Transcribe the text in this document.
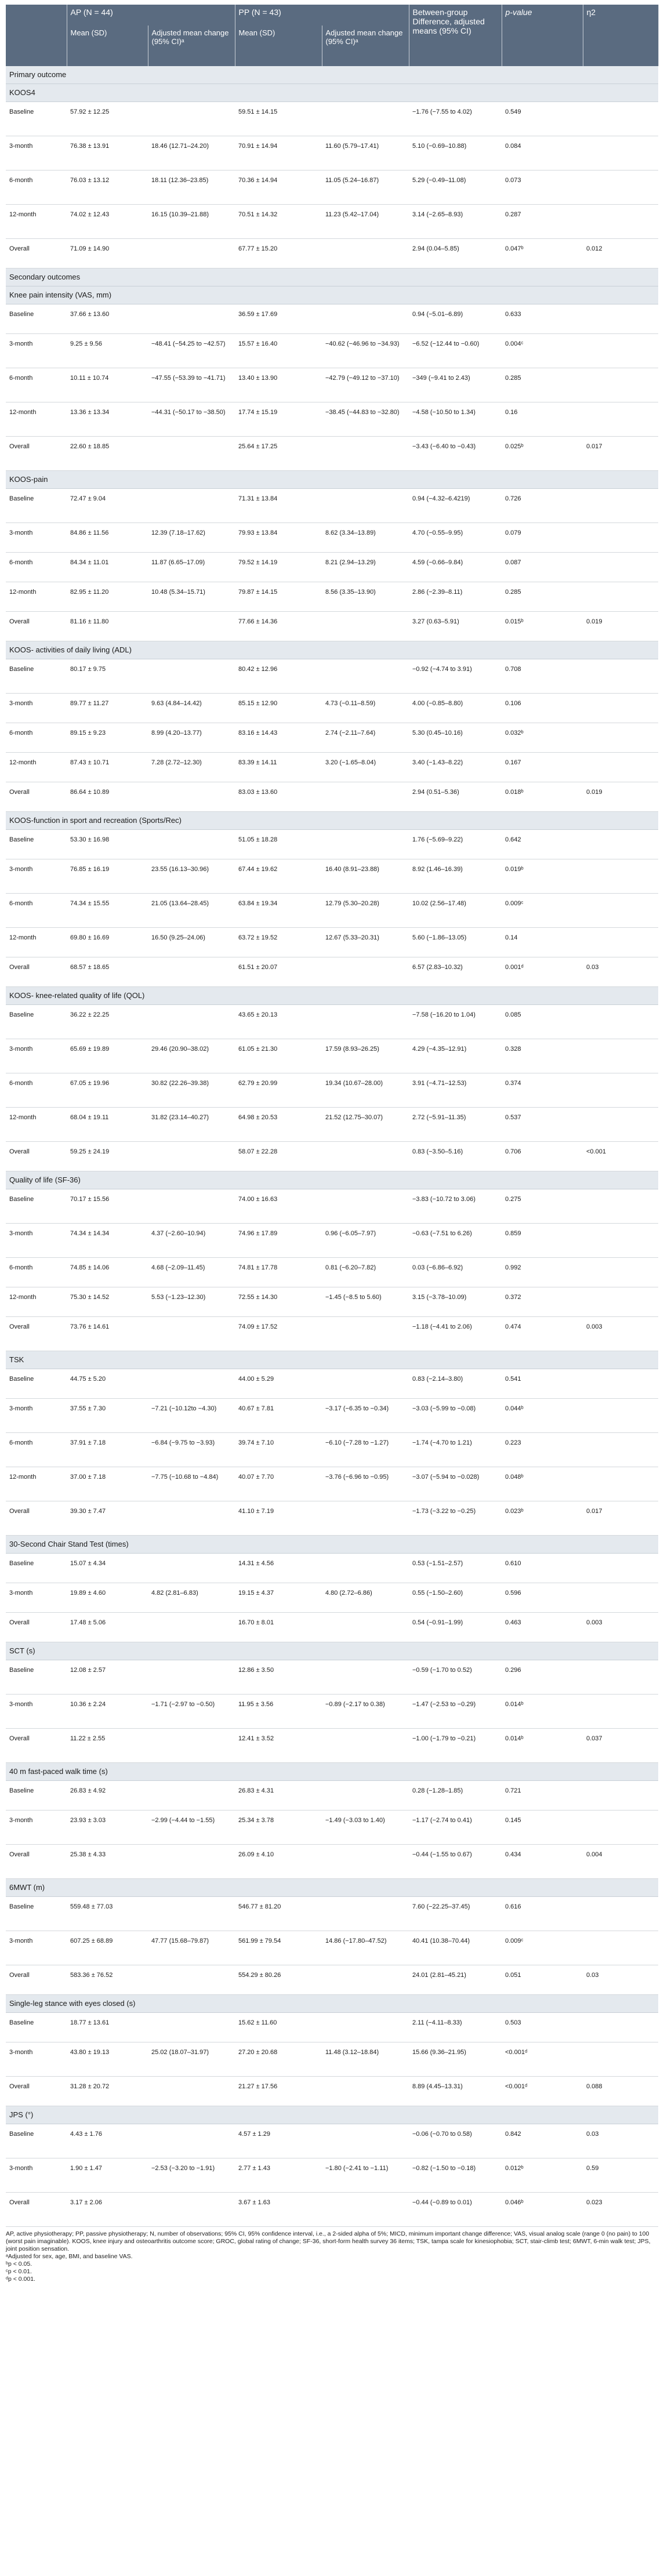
	AP (N = 44)		PP (N = 43)		Between-group Difference, adjusted means (95% CI)	p-value	η2
	Mean (SD)	Adjusted mean change (95% CI)ᵃ	Mean (SD)	Adjusted mean change (95% CI)ᵃ			
Primary outcome							
KOOS4							
Baseline	57.92 ± 12.25		59.51 ± 14.15		−1.76 (−7.55 to 4.02)	0.549	
3-month	76.38 ± 13.91	18.46 (12.71–24.20)	70.91 ± 14.94	11.60 (5.79–17.41)	5.10 (−0.69–10.88)	0.084	
6-month	76.03 ± 13.12	18.11 (12.36–23.85)	70.36 ± 14.94	11.05 (5.24–16.87)	5.29 (−0.49–11.08)	0.073	
12-month	74.02 ± 12.43	16.15 (10.39–21.88)	70.51 ± 14.32	11.23 (5.42–17.04)	3.14 (−2.65–8.93)	0.287	
Overall	71.09 ± 14.90		67.77 ± 15.20		2.94 (0.04–5.85)	0.047ᵇ	0.012
Secondary outcomes							
Knee pain intensity (VAS, mm)							
Baseline	37.66 ± 13.60		36.59 ± 17.69		0.94 (−5.01–6.89)	0.633	
3-month	9.25 ± 9.56	−48.41 (−54.25 to −42.57)	15.57 ± 16.40	−40.62 (−46.96 to −34.93)	−6.52 (−12.44 to −0.60)	0.004ᶜ	
6-month	10.11 ± 10.74	−47.55 (−53.39 to −41.71)	13.40 ± 13.90	−42.79 (−49.12 to −37.10)	−349 (−9.41 to 2.43)	0.285	
12-month	13.36 ± 13.34	−44.31 (−50.17 to −38.50)	17.74 ± 15.19	−38.45 (−44.83 to −32.80)	−4.58 (−10.50 to 1.34)	0.16	
Overall	22.60 ± 18.85		25.64 ± 17.25		−3.43 (−6.40 to −0.43)	0.025ᵇ	0.017
KOOS-pain							
Baseline	72.47 ± 9.04		71.31 ± 13.84		0.94 (−4.32–6.4219)	0.726	
3-month	84.86 ± 11.56	12.39 (7.18–17.62)	79.93 ± 13.84	8.62 (3.34–13.89)	4.70 (−0.55–9.95)	0.079	
6-month	84.34 ± 11.01	11.87 (6.65–17.09)	79.52 ± 14.19	8.21 (2.94–13.29)	4.59 (−0.66–9.84)	0.087	
12-month	82.95 ± 11.20	10.48 (5.34–15.71)	79.87 ± 14.15	8.56 (3.35–13.90)	2.86 (−2.39–8.11)	0.285	
Overall	81.16 ± 11.80		77.66 ± 14.36		3.27 (0.63–5.91)	0.015ᵇ	0.019
KOOS- activities of daily living (ADL)							
Baseline	80.17 ± 9.75		80.42 ± 12.96		−0.92 (−4.74 to 3.91)	0.708	
3-month	89.77 ± 11.27	9.63 (4.84–14.42)	85.15 ± 12.90	4.73 (−0.11–8.59)	4.00 (−0.85–8.80)	0.106	
6-month	89.15 ± 9.23	8.99 (4.20–13.77)	83.16 ± 14.43	2.74 (−2.11–7.64)	5.30 (0.45–10.16)	0.032ᵇ	
12-month	87.43 ± 10.71	7.28 (2.72–12.30)	83.39 ± 14.11	3.20 (−1.65–8.04)	3.40 (−1.43–8.22)	0.167	
Overall	86.64 ± 10.89		83.03 ± 13.60		2.94 (0.51–5.36)	0.018ᵇ	0.019
KOOS-function in sport and recreation (Sports/Rec)							
Baseline	53.30 ± 16.98		51.05 ± 18.28		1.76 (−5.69–9.22)	0.642	
3-month	76.85 ± 16.19	23.55 (16.13–30.96)	67.44 ± 19.62	16.40 (8.91–23.88)	8.92 (1.46–16.39)	0.019ᵇ	
6-month	74.34 ± 15.55	21.05 (13.64–28.45)	63.84 ± 19.34	12.79 (5.30–20.28)	10.02 (2.56–17.48)	0.009ᶜ	
12-month	69.80 ± 16.69	16.50 (9.25–24.06)	63.72 ± 19.52	12.67 (5.33–20.31)	5.60 (−1.86–13.05)	0.14	
Overall	68.57 ± 18.65		61.51 ± 20.07		6.57 (2.83–10.32)	0.001ᵈ	0.03
KOOS- knee-related quality of life (QOL)							
Baseline	36.22 ± 22.25		43.65 ± 20.13		−7.58 (−16.20 to 1.04)	0.085	
3-month	65.69 ± 19.89	29.46 (20.90–38.02)	61.05 ± 21.30	17.59 (8.93–26.25)	4.29 (−4.35–12.91)	0.328	
6-month	67.05 ± 19.96	30.82 (22.26–39.38)	62.79 ± 20.99	19.34 (10.67–28.00)	3.91 (−4.71–12.53)	0.374	
12-month	68.04 ± 19.11	31.82 (23.14–40.27)	64.98 ± 20.53	21.52 (12.75–30.07)	2.72 (−5.91–11.35)	0.537	
Overall	59.25 ± 24.19		58.07 ± 22.28		0.83 (−3.50–5.16)	0.706	<0.001
Quality of life (SF-36)							
Baseline	70.17 ± 15.56		74.00 ± 16.63		−3.83 (−10.72 to 3.06)	0.275	
3-month	74.34 ± 14.34	4.37 (−2.60–10.94)	74.96 ± 17.89	0.96 (−6.05–7.97)	−0.63 (−7.51 to 6.26)	0.859	
6-month	74.85 ± 14.06	4.68 (−2.09–11.45)	74.81 ± 17.78	0.81 (−6.20–7.82)	0.03 (−6.86–6.92)	0.992	
12-month	75.30 ± 14.52	5.53 (−1.23–12.30)	72.55 ± 14.30	−1.45 (−8.5 to 5.60)	3.15 (−3.78–10.09)	0.372	
Overall	73.76 ± 14.61		74.09 ± 17.52		−1.18 (−4.41 to 2.06)	0.474	0.003
TSK							
Baseline	44.75 ± 5.20		44.00 ± 5.29		0.83 (−2.14–3.80)	0.541	
3-month	37.55 ± 7.30	−7.21 (−10.12to −4.30)	40.67 ± 7.81	−3.17 (−6.35 to −0.34)	−3.03 (−5.99 to −0.08)	0.044ᵇ	
6-month	37.91 ± 7.18	−6.84 (−9.75 to −3.93)	39.74 ± 7.10	−6.10 (−7.28 to −1.27)	−1.74 (−4.70 to 1.21)	0.223	
12-month	37.00 ± 7.18	−7.75 (−10.68 to −4.84)	40.07 ± 7.70	−3.76 (−6.96 to −0.95)	−3.07 (−5.94 to −0.028)	0.048ᵇ	
Overall	39.30 ± 7.47		41.10 ± 7.19		−1.73 (−3.22 to −0.25)	0.023ᵇ	0.017
30-Second Chair Stand Test (times)							
Baseline	15.07 ± 4.34		14.31 ± 4.56		0.53 (−1.51–2.57)	0.610	
3-month	19.89 ± 4.60	4.82 (2.81–6.83)	19.15 ± 4.37	4.80 (2.72–6.86)	0.55 (−1.50–2.60)	0.596	
Overall	17.48 ± 5.06		16.70 ± 8.01		0.54 (−0.91–1.99)	0.463	0.003
SCT (s)							
Baseline	12.08 ± 2.57		12.86 ± 3.50		−0.59 (−1.70 to 0.52)	0.296	
3-month	10.36 ± 2.24	−1.71 (−2.97 to −0.50)	11.95 ± 3.56	−0.89 (−2.17 to 0.38)	−1.47 (−2.53 to −0.29)	0.014ᵇ	
Overall	11.22 ± 2.55		12.41 ± 3.52		−1.00 (−1.79 to −0.21)	0.014ᵇ	0.037
40 m fast-paced walk time (s)							
Baseline	26.83 ± 4.92		26.83 ± 4.31		0.28 (−1.28–1.85)	0.721	
3-month	23.93 ± 3.03	−2.99 (−4.44 to −1.55)	25.34 ± 3.78	−1.49 (−3.03 to 1.40)	−1.17 (−2.74 to 0.41)	0.145	
Overall	25.38 ± 4.33		26.09 ± 4.10		−0.44 (−1.55 to 0.67)	0.434	0.004
6MWT (m)							
Baseline	559.48 ± 77.03		546.77 ± 81.20		7.60 (−22.25–37.45)	0.616	
3-month	607.25 ± 68.89	47.77 (15.68–79.87)	561.99 ± 79.54	14.86 (−17.80–47.52)	40.41 (10.38–70.44)	0.009ᶜ	
Overall	583.36 ± 76.52		554.29 ± 80.26		24.01 (2.81–45.21)	0.051	0.03
Single-leg stance with eyes closed (s)							
Baseline	18.77 ± 13.61		15.62 ± 11.60		2.11 (−4.11–8.33)	0.503	
3-month	43.80 ± 19.13	25.02 (18.07–31.97)	27.20 ± 20.68	11.48 (3.12–18.84)	15.66 (9.36–21.95)	<0.001ᵈ	
Overall	31.28 ± 20.72		21.27 ± 17.56		8.89 (4.45–13.31)	<0.001ᵈ	0.088
JPS (°)							
Baseline	4.43 ± 1.76		4.57 ± 1.29		−0.06 (−0.70 to 0.58)	0.842	0.03
3-month	1.90 ± 1.47	−2.53 (−3.20 to −1.91)	2.77 ± 1.43	−1.80 (−2.41 to −1.11)	−0.82 (−1.50 to −0.18)	0.012ᵇ	0.59
Overall	3.17 ± 2.06		3.67 ± 1.63		−0.44 (−0.89 to 0.01)	0.046ᵇ	0.023
AP, active physiotherapy; PP, passive physiotherapy; N, number of observations; 95% CI, 95% confidence interval, i.e., a 2-sided alpha of 5%; MICD, minimum important change difference; VAS, visual analog scale (range 0 (no pain) to 100 (worst pain imaginable). KOOS, knee injury and osteoarthritis outcome score; GROC, global rating of change; SF-36, short-form health survey 36 items; TSK, tampa scale for kinesiophobia; SCT, stair-climb test; 6MWT, 6-min walk test; JPS, joint position sensation.
ᵃAdjusted for sex, age, BMI, and baseline VAS.
ᵇp < 0.05.
ᶜp < 0.01.
ᵈp < 0.001.
